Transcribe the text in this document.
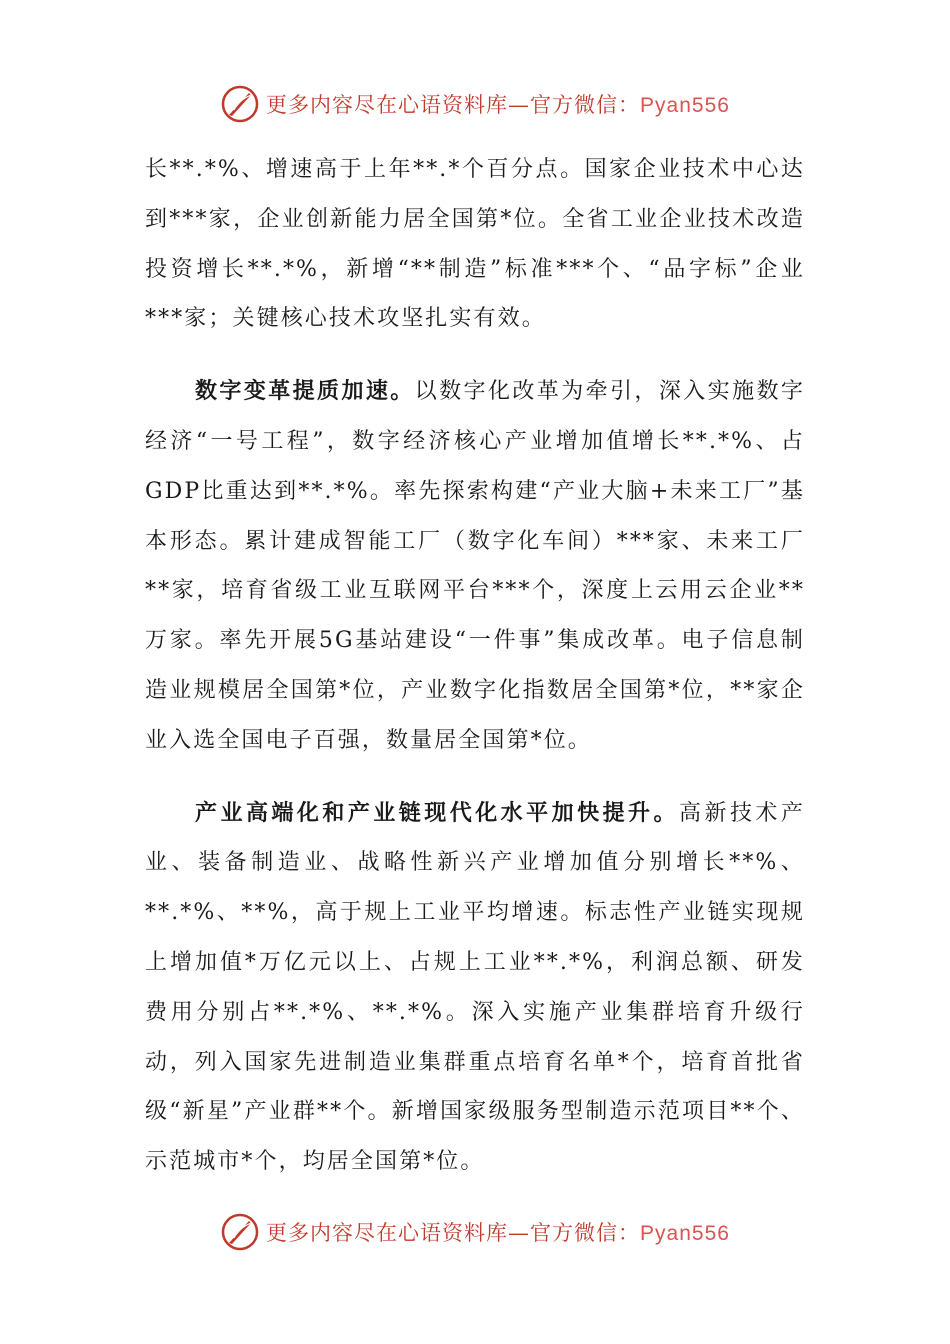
更多内容尽在心语资料库—官方微信：Pyan556

长**.*%、增速高于上年**.*个百分点。国家企业技术中心达到***家，企业创新能力居全国第*位。全省工业企业技术改造投资增长**.*%，新增“**制造”标准***个、“品字标”企业***家；关键核心技术攻坚扎实有效。

数字变革提质加速。以数字化改革为牵引，深入实施数字经济“一号工程”，数字经济核心产业增加值增长**.*%、占GDP比重达到**.*%。率先探索构建“产业大脑+未来工厂”基本形态。累计建成智能工厂（数字化车间）***家、未来工厂**家，培育省级工业互联网平台***个，深度上云用云企业**万家。率先开展5G基站建设“一件事”集成改革。电子信息制造业规模居全国第*位，产业数字化指数居全国第*位，**家企业入选全国电子百强，数量居全国第*位。

产业高端化和产业链现代化水平加快提升。高新技术产业、装备制造业、战略性新兴产业增加值分别增长**%、**.*%、**%，高于规上工业平均增速。标志性产业链实现规上增加值*万亿元以上、占规上工业**.*%，利润总额、研发费用分别占**.*%、**.*%。深入实施产业集群培育升级行动，列入国家先进制造业集群重点培育名单*个，培育首批省级“新星”产业群**个。新增国家级服务型制造示范项目**个、示范城市*个，均居全国第*位。

更多内容尽在心语资料库—官方微信：Pyan556
